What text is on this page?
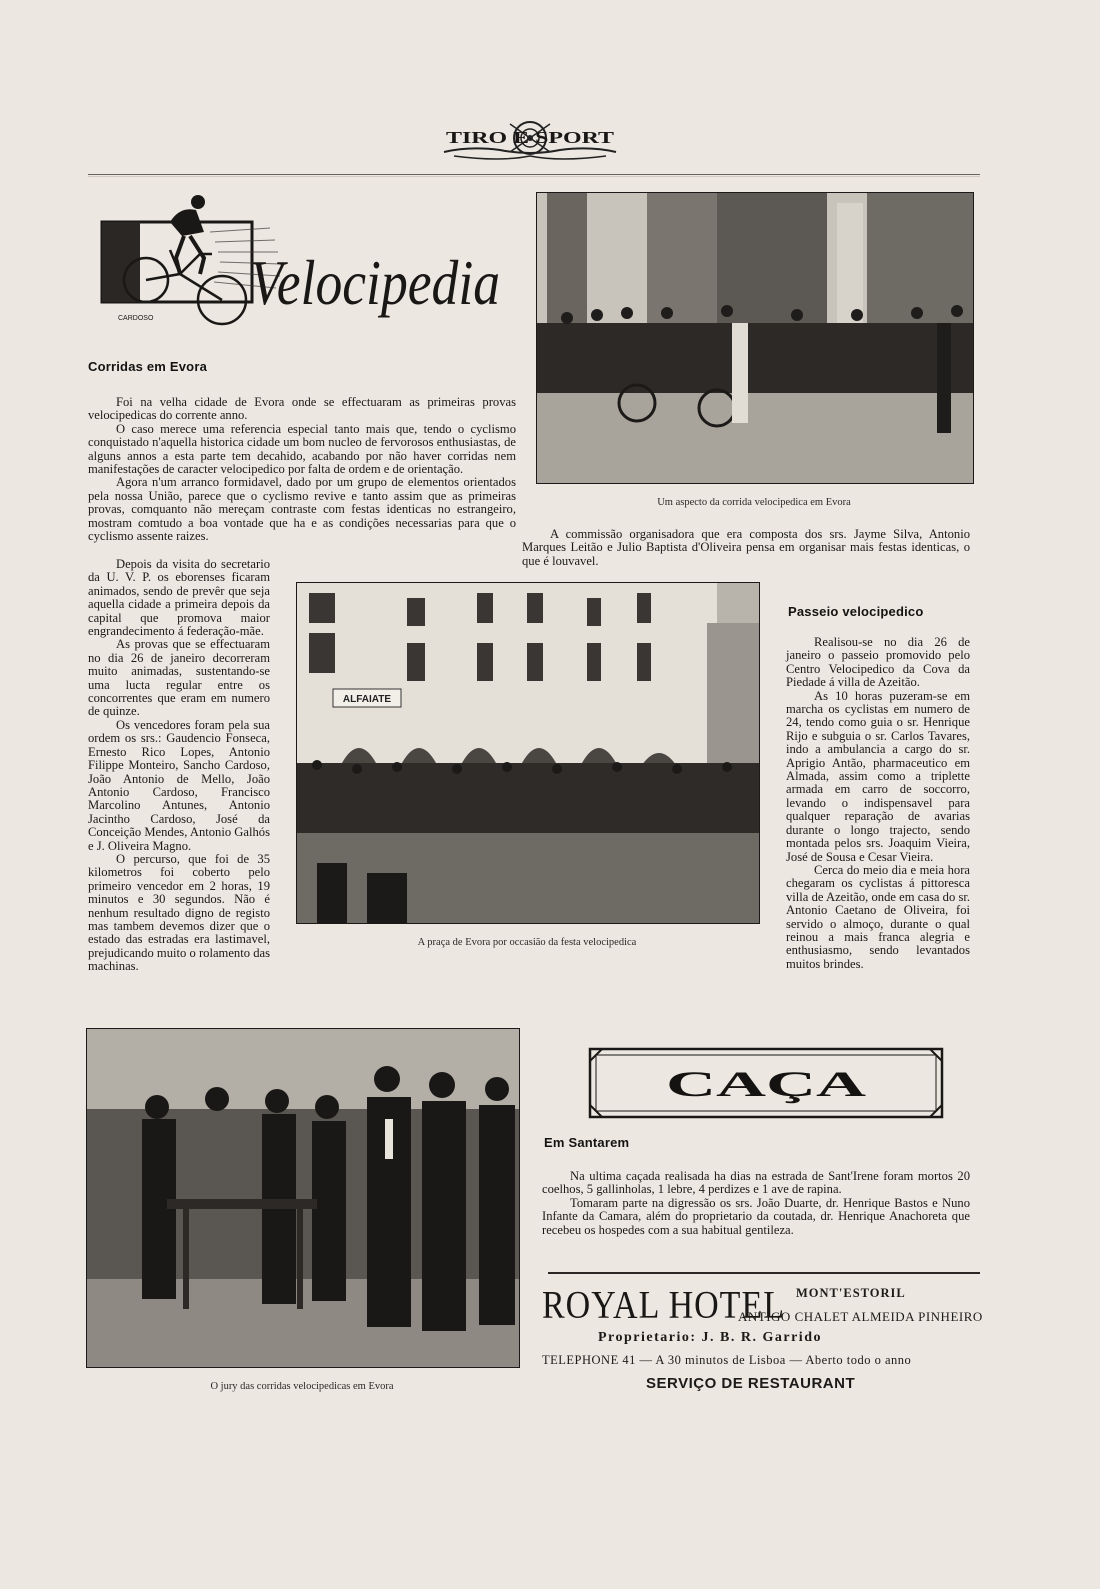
TIRO E SPORT
CARDOSO
Velocipedia
Corridas em Evora

Foi na velha cidade de Evora onde se effectuaram as primeiras provas velocipedicas do corrente anno.

O caso merece uma referencia especial tanto mais que, tendo o cyclismo conquistado n'aquella historica cidade um bom nucleo de fervorosos enthusiastas, de alguns annos a esta parte tem decahido, acabando por não haver corridas nem manifestações de caracter velocipedico por falta de ordem e de orientação.

Agora n'um arranco formidavel, dado por um grupo de elementos orientados pela nossa União, parece que o cyclismo revive e tanto assim que as primeiras provas, comquanto não mereçam contraste com festas identicas no estrangeiro, mostram comtudo a boa vontade que ha e as condições necessarias para que o cyclismo assente raizes.

Depois da visita do secretario da U. V. P. os eborenses ficaram animados, sendo de prevêr que seja aquella cidade a primeira depois da capital que promova maior engrandecimento á federação-mãe.

As provas que se effectuaram no dia 26 de janeiro decorreram muito animadas, sustentando-se uma lucta regular entre os concorrentes que eram em numero de quinze.

Os vencedores foram pela sua ordem os srs.: Gaudencio Fonseca, Ernesto Rico Lopes, Antonio Filippe Monteiro, Sancho Cardoso, João Antonio de Mello, João Antonio Cardoso, Francisco Marcolino Antunes, Antonio Jacintho Cardoso, José da Conceição Mendes, Antonio Galhós e J. Oliveira Magno.

O percurso, que foi de 35 kilometros foi coberto pelo primeiro vencedor em 2 horas, 19 minutos e 30 segundos. Não é nenhum resultado digno de registo mas tambem devemos dizer que o estado das estradas era lastimavel, prejudicando muito o rolamento das machinas.

Um aspecto da corrida velocipedica em Evora

A commissão organisadora que era composta dos srs. Jayme Silva, Antonio Marques Leitão e Julio Baptista d'Oliveira pensa em organisar mais festas identicas, o que é louvavel.

ALFAIATE
A praça de Evora por occasião da festa velocipedica
Passeio velocipedico

Realisou-se no dia 26 de janeiro o passeio promovido pelo Centro Velocipedico da Cova da Piedade á villa de Azeitão.

As 10 horas puzeram-se em marcha os cyclistas em numero de 24, tendo como guia o sr. Henrique Rijo e subguia o sr. Carlos Tavares, indo a ambulancia a cargo do sr. Aprigio Antão, pharmaceutico em Almada, assim como a triplette armada em carro de soccorro, levando o indispensavel para qualquer reparação de avarias durante o longo trajecto, sendo montada pelos srs. Joaquim Vieira, José de Sousa e Cesar Vieira.

Cerca do meio dia e meia hora chegaram os cyclistas á pittoresca villa de Azeitão, onde em casa do sr. Antonio Caetano de Oliveira, foi servido o almoço, durante o qual reinou a mais franca alegria e enthusiasmo, sendo levantados muitos brindes.

O jury das corridas velocipedicas em Evora
CAÇA
Em Santarem

Na ultima caçada realisada ha dias na estrada de Sant'Irene foram mortos 20 coelhos, 5 gallinholas, 1 lebre, 4 perdizes e 1 ave de rapina.

Tomaram parte na digressão os srs. João Duarte, dr. Henrique Bastos e Nuno Infante da Camara, além do proprietario da coutada, dr. Henrique Anachoreta que recebeu os hospedes com a sua habitual gentileza.

MONT'ESTORIL
ROYAL HOTEL
ANTIGO CHALET ALMEIDA PINHEIRO
Proprietario: J. B. R. Garrido
TELEPHONE 41 — A 30 minutos de Lisboa — Aberto todo o anno
SERVIÇO DE RESTAURANT
